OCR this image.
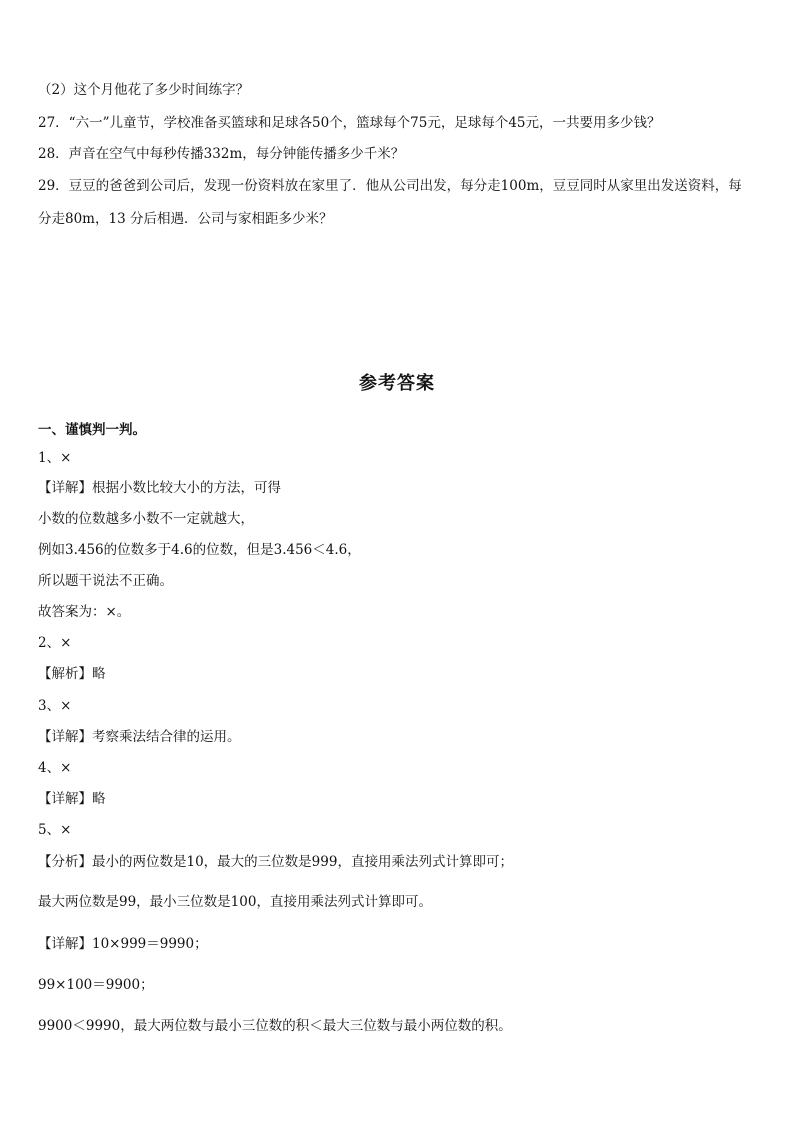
（2）这个月他花了多少时间练字？
27．“六一”儿童节，学校准备买篮球和足球各50个，篮球每个75元，足球每个45元，一共要用多少钱？
28．声音在空气中每秒传播332m，每分钟能传播多少千米？
29．豆豆的爸爸到公司后，发现一份资料放在家里了．他从公司出发，每分走100m，豆豆同时从家里出发送资料，每
分走80m，13 分后相遇．公司与家相距多少米？
参考答案
一、谨慎判一判。
1、×
【详解】根据小数比较大小的方法，可得
小数的位数越多小数不一定就越大，
例如3.456的位数多于4.6的位数，但是3.456＜4.6，
所以题干说法不正确。
故答案为：×。
2、×
【解析】略
3、×
【详解】考察乘法结合律的运用。
4、×
【详解】略
5、×
【分析】最小的两位数是10，最大的三位数是999，直接用乘法列式计算即可；
最大两位数是99，最小三位数是100，直接用乘法列式计算即可。
【详解】10×999＝9990；
99×100＝9900；
9900＜9990，最大两位数与最小三位数的积＜最大三位数与最小两位数的积。
